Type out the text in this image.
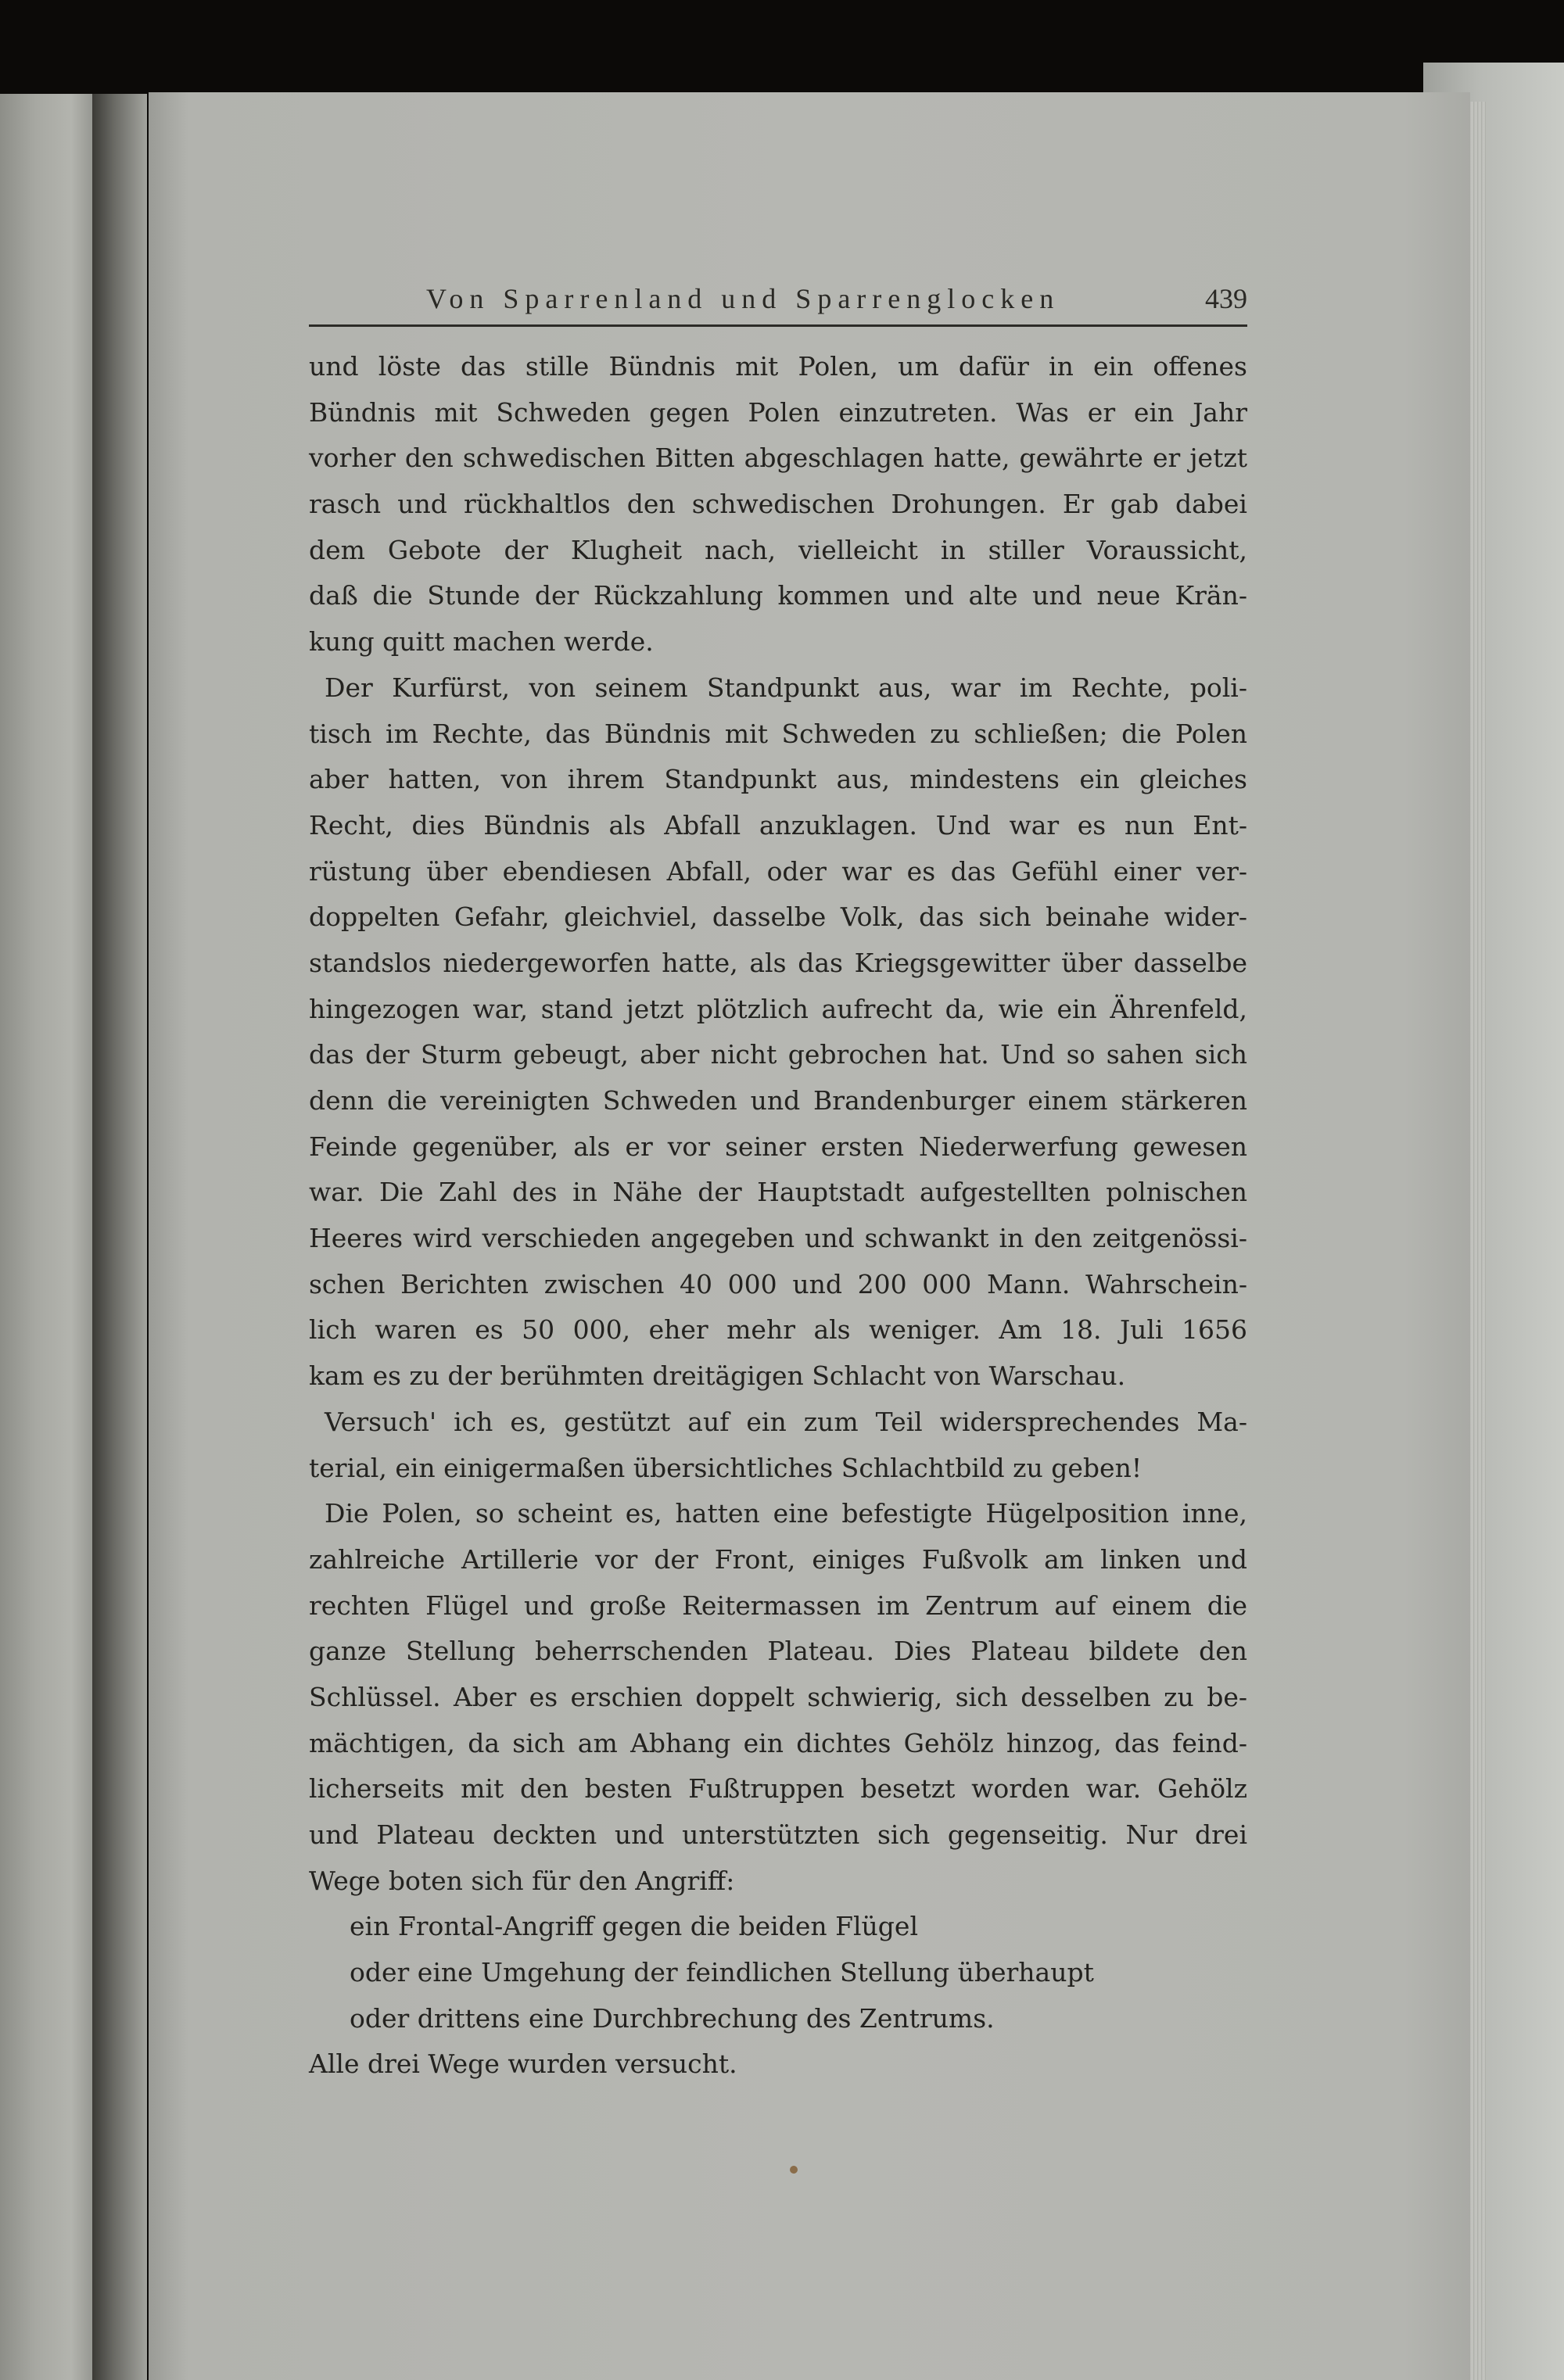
Von Sparrenland und Sparrenglocken	439
und löste das stille Bündnis mit Polen, um dafür in ein offenes
Bündnis mit Schweden gegen Polen einzutreten. Was er ein Jahr
vorher den schwedischen Bitten abgeschlagen hatte, gewährte er jetzt
rasch und rückhaltlos den schwedischen Drohungen. Er gab dabei
dem Gebote der Klugheit nach, vielleicht in stiller Voraussicht,
daß die Stunde der Rückzahlung kommen und alte und neue Krän-
kung quitt machen werde.
Der Kurfürst, von seinem Standpunkt aus, war im Rechte, poli-
tisch im Rechte, das Bündnis mit Schweden zu schließen; die Polen
aber hatten, von ihrem Standpunkt aus, mindestens ein gleiches
Recht, dies Bündnis als Abfall anzuklagen. Und war es nun Ent-
rüstung über ebendiesen Abfall, oder war es das Gefühl einer ver-
doppelten Gefahr, gleichviel, dasselbe Volk, das sich beinahe wider-
standslos niedergeworfen hatte, als das Kriegsgewitter über dasselbe
hingezogen war, stand jetzt plötzlich aufrecht da, wie ein Ährenfeld,
das der Sturm gebeugt, aber nicht gebrochen hat. Und so sahen sich
denn die vereinigten Schweden und Brandenburger einem stärkeren
Feinde gegenüber, als er vor seiner ersten Niederwerfung gewesen
war. Die Zahl des in Nähe der Hauptstadt aufgestellten polnischen
Heeres wird verschieden angegeben und schwankt in den zeitgenössi-
schen Berichten zwischen 40 000 und 200 000 Mann. Wahrschein-
lich waren es 50 000, eher mehr als weniger. Am 18. Juli 1656
kam es zu der berühmten dreitägigen Schlacht von Warschau.
Versuch' ich es, gestützt auf ein zum Teil widersprechendes Ma-
terial, ein einigermaßen übersichtliches Schlachtbild zu geben!
Die Polen, so scheint es, hatten eine befestigte Hügelposition inne,
zahlreiche Artillerie vor der Front, einiges Fußvolk am linken und
rechten Flügel und große Reitermassen im Zentrum auf einem die
ganze Stellung beherrschenden Plateau. Dies Plateau bildete den
Schlüssel. Aber es erschien doppelt schwierig, sich desselben zu be-
mächtigen, da sich am Abhang ein dichtes Gehölz hinzog, das feind-
licherseits mit den besten Fußtruppen besetzt worden war. Gehölz
und Plateau deckten und unterstützten sich gegenseitig. Nur drei
Wege boten sich für den Angriff:
ein Frontal-Angriff gegen die beiden Flügel
oder eine Umgehung der feindlichen Stellung überhaupt
oder drittens eine Durchbrechung des Zentrums.
Alle drei Wege wurden versucht.
